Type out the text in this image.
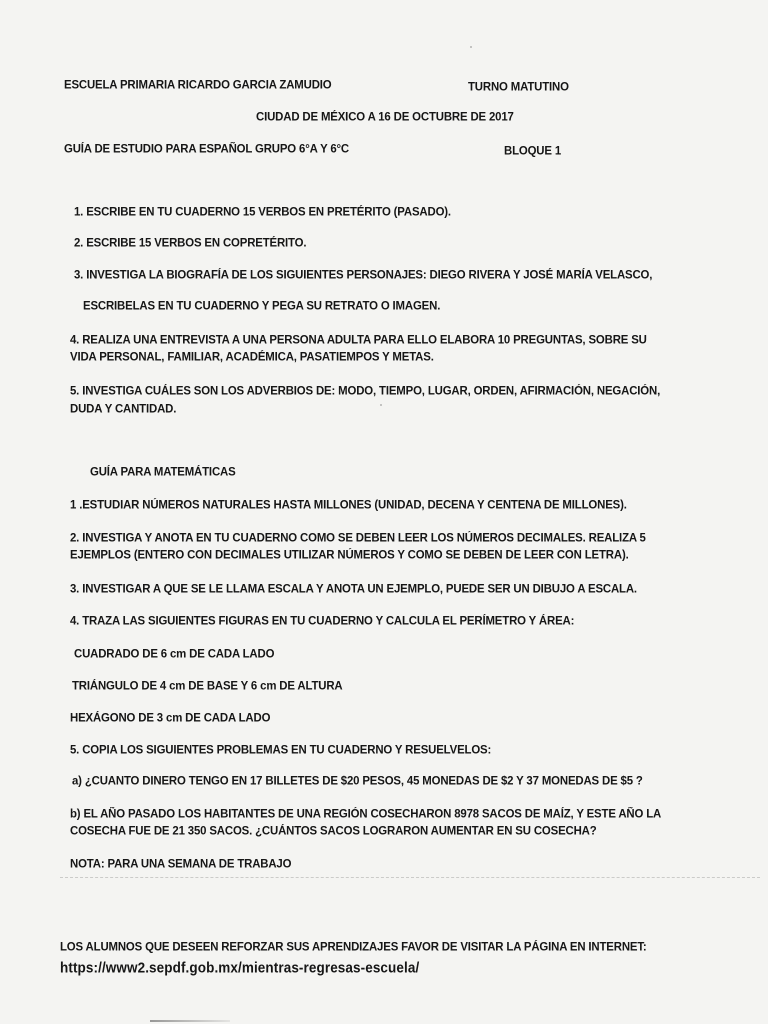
ESCUELA PRIMARIA RICARDO GARCIA ZAMUDIO	TURNO MATUTINO
CIUDAD DE MÉXICO A 16 DE OCTUBRE DE 2017
GUÍA DE ESTUDIO PARA ESPAÑOL GRUPO 6°A Y 6°C	BLOQUE 1
1. ESCRIBE EN TU CUADERNO 15 VERBOS EN PRETÉRITO (PASADO).
2. ESCRIBE 15 VERBOS EN COPRETÉRITO.
3. INVESTIGA LA BIOGRAFÍA DE LOS SIGUIENTES PERSONAJES: DIEGO RIVERA Y JOSÉ MARÍA VELASCO,
ESCRIBELAS EN TU CUADERNO Y PEGA SU RETRATO O IMAGEN.
4. REALIZA UNA ENTREVISTA A UNA PERSONA ADULTA PARA ELLO ELABORA 10 PREGUNTAS, SOBRE SU
VIDA PERSONAL, FAMILIAR, ACADÉMICA, PASATIEMPOS Y METAS.
5. INVESTIGA CUÁLES SON LOS ADVERBIOS DE: MODO, TIEMPO, LUGAR, ORDEN, AFIRMACIÓN, NEGACIÓN,
DUDA Y CANTIDAD.
GUÍA PARA MATEMÁTICAS
1 .ESTUDIAR NÚMEROS NATURALES HASTA MILLONES (UNIDAD, DECENA Y CENTENA DE MILLONES).
2. INVESTIGA Y ANOTA EN TU CUADERNO COMO SE DEBEN LEER LOS NÚMEROS DECIMALES. REALIZA 5
EJEMPLOS (ENTERO CON DECIMALES UTILIZAR NÚMEROS Y COMO SE DEBEN DE LEER CON LETRA).
3. INVESTIGAR A QUE SE LE LLAMA ESCALA Y ANOTA UN EJEMPLO, PUEDE SER UN DIBUJO A ESCALA.
4. TRAZA LAS SIGUIENTES FIGURAS EN TU CUADERNO Y CALCULA EL PERÍMETRO Y ÁREA:
CUADRADO DE 6 cm DE CADA LADO
TRIÁNGULO DE 4 cm DE BASE Y 6 cm DE ALTURA
HEXÁGONO DE 3 cm DE CADA LADO
5. COPIA LOS SIGUIENTES PROBLEMAS EN TU CUADERNO Y RESUELVELOS:
a) ¿CUANTO DINERO TENGO EN 17 BILLETES DE $20 PESOS, 45 MONEDAS DE $2 Y 37 MONEDAS DE $5 ?
b) EL AÑO PASADO LOS HABITANTES DE UNA REGIÓN COSECHARON 8978 SACOS DE MAÍZ, Y ESTE AÑO LA
COSECHA FUE DE 21 350 SACOS. ¿CUÁNTOS SACOS LOGRARON AUMENTAR EN SU COSECHA?
NOTA: PARA UNA SEMANA DE TRABAJO
LOS ALUMNOS QUE DESEEN REFORZAR SUS APRENDIZAJES FAVOR DE VISITAR LA PÁGINA EN INTERNET:
https://www2.sepdf.gob.mx/mientras-regresas-escuela/
